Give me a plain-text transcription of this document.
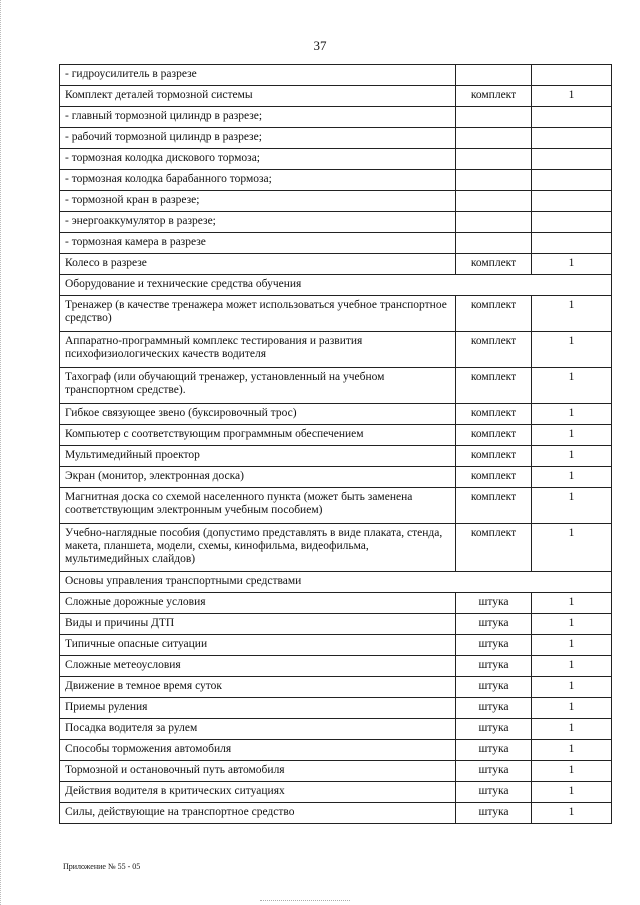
37
- гидроусилитель в разрезе		
Комплект деталей тормозной системы	комплект	1
- главный тормозной цилиндр в разрезе;		
- рабочий тормозной цилиндр в разрезе;		
- тормозная колодка дискового тормоза;		
- тормозная колодка барабанного тормоза;		
- тормозной кран в разрезе;		
- энергоаккумулятор в разрезе;		
- тормозная камера в разрезе		
Колесо в разрезе	комплект	1
Оборудование и технические средства обучения		
Тренажер (в качестве тренажера может использоваться учебное транспортное средство)	комплект	1
Аппаратно-программный комплекс тестирования и развития психофизиологических качеств водителя	комплект	1
Тахограф (или обучающий тренажер, установленный на учебном транспортном средстве).	комплект	1
Гибкое связующее звено (буксировочный трос)	комплект	1
Компьютер с соответствующим программным обеспечением	комплект	1
Мультимедийный проектор	комплект	1
Экран (монитор, электронная доска)	комплект	1
Магнитная доска со схемой населенного пункта (может быть заменена соответствующим электронным учебным пособием)	комплект	1
Учебно-наглядные пособия (допустимо представлять в виде плаката, стенда, макета, планшета, модели, схемы, кинофильма, видеофильма, мультимедийных слайдов)	комплект	1
Основы управления транспортными средствами		
Сложные дорожные условия	штука	1
Виды и причины ДТП	штука	1
Типичные опасные ситуации	штука	1
Сложные метеоусловия	штука	1
Движение в темное время суток	штука	1
Приемы руления	штука	1
Посадка водителя за рулем	штука	1
Способы торможения автомобиля	штука	1
Тормозной и остановочный путь автомобиля	штука	1
Действия водителя в критических ситуациях	штука	1
Силы, действующие на транспортное средство	штука	1
Приложение № 55 - 05
